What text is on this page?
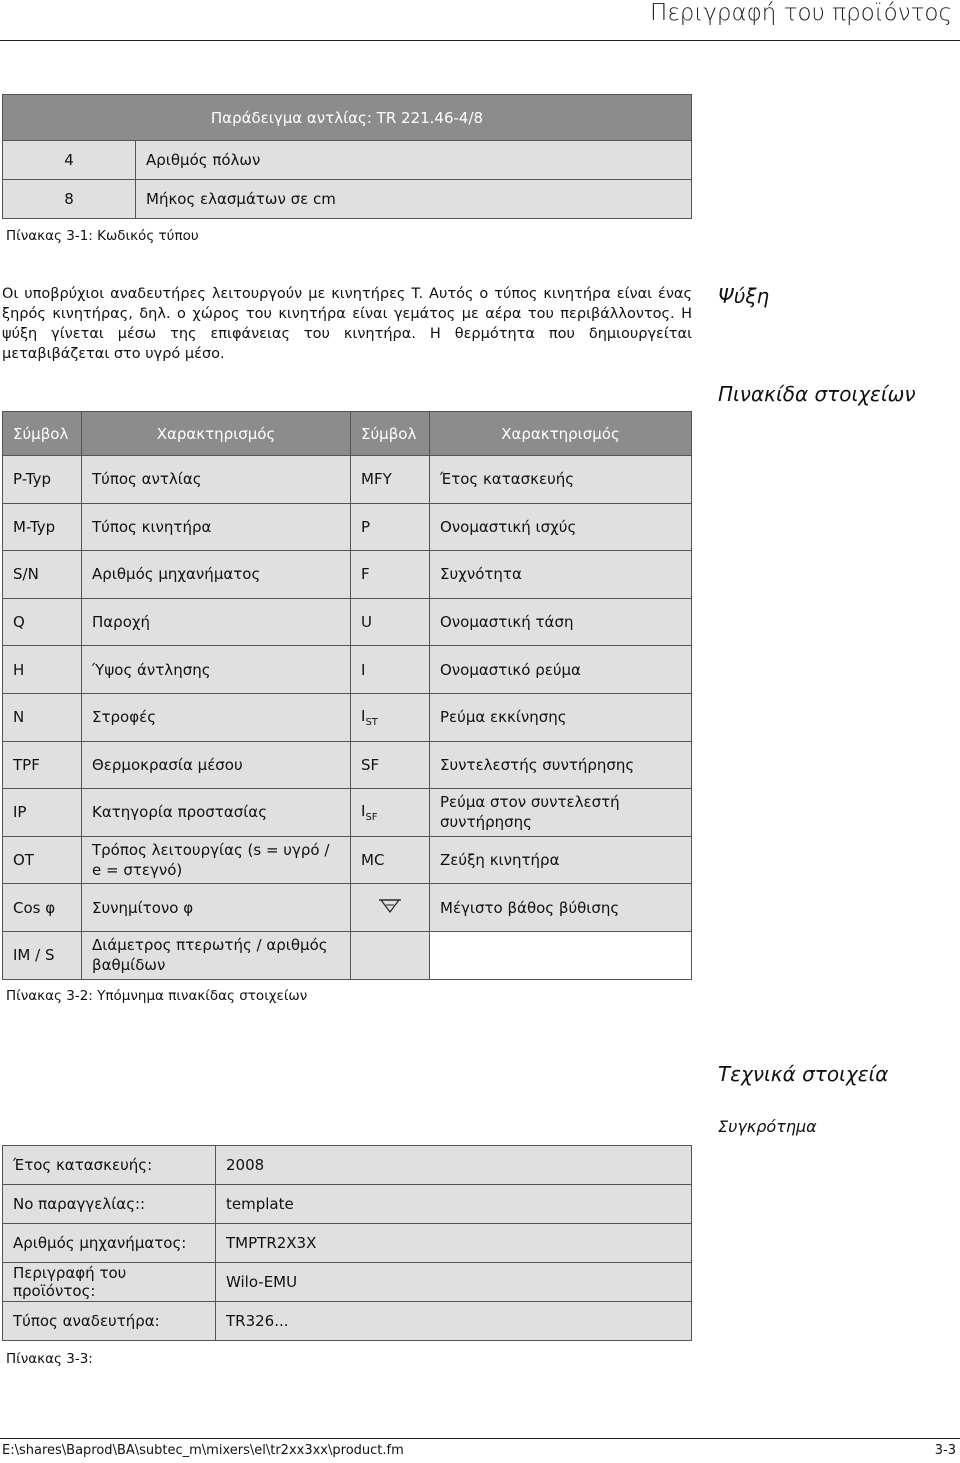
Περιγραφή του προϊόντος
Παράδειγμα αντλίας: TR 221.46-4/8	
4	Αριθμός πόλων
8	Μήκος ελασμάτων σε cm
Πίνακας 3-1: Κωδικός τύπου
Οι υποβρύχιοι αναδευτήρες λειτουργούν με κινητήρες T. Αυτός ο τύπος κινητήρα είναι ένας ξηρός κινητήρας, δηλ. ο χώρος του κινητήρα είναι γεμάτος με αέρα του περιβάλλοντος. Η ψύξη γίνεται μέσω της επιφάνειας του κινητήρα. Η θερμότητα που δημιουργείται μεταβιβάζεται στο υγρό μέσο.
Ψύξη
Πινακίδα στοιχείων
Σύμβολ	Χαρακτηρισμός	Σύμβολ	Χαρακτηρισμός
P-Typ	Τύπος αντλίας	MFY	Έτος κατασκευής
M-Typ	Τύπος κινητήρα	P	Ονομαστική ισχύς
S/N	Αριθμός μηχανήματος	F	Συχνότητα
Q	Παροχή	U	Ονομαστική τάση
H	Ύψος άντλησης	I	Ονομαστικό ρεύμα
N	Στροφές	$I_{ST}$	Ρεύμα εκκίνησης
TPF	Θερμοκρασία μέσου	SF	Συντελεστής συντήρησης
IP	Κατηγορία προστασίας	$I_{SF}$	Ρεύμα στον συντελεστή συντήρησης
OT	Τρόπος λειτουργίας (s = υγρό / e = στεγνό)	MC	Ζεύξη κινητήρα
Cos φ	Συνημίτονο φ		Μέγιστο βάθος βύθισης
IM / S	Διάμετρος πτερωτής / αριθμός βαθμίδων		
Πίνακας 3-2: Υπόμνημα πινακίδας στοιχείων
Τεχνικά στοιχεία
Συγκρότημα
Έτος κατασκευής:	2008
Νο παραγγελίας::	template
Αριθμός μηχανήματος:	TMPTR2X3X
Περιγραφή του προϊόντος:	Wilo-EMU
Τύπος αναδευτήρα:	TR326...
Πίνακας 3-3:
E:\shares\Baprod\BA\subtec_m\mixers\el\tr2xx3xx\product.fm	3-3
